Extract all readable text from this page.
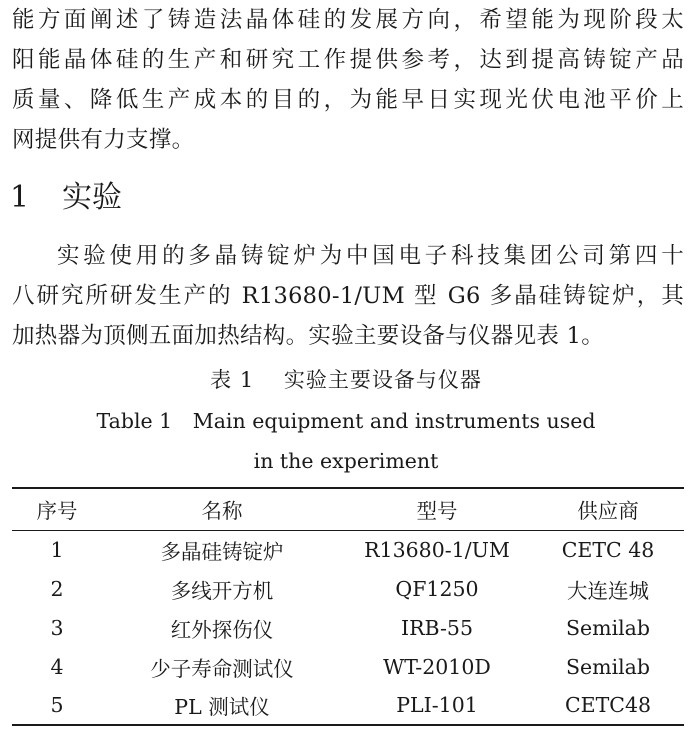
能方面阐述了铸造法晶体硅的发展方向，希望能为现阶段太
阳能晶体硅的生产和研究工作提供参考，达到提高铸锭产品
质量、降低生产成本的目的，为能早日实现光伏电池平价上
网提供有力支撑。
1 实验
实验使用的多晶铸锭炉为中国电子科技集团公司第四十
八研究所研发生产的 R13680-1/UM 型 G6 多晶硅铸锭炉，其
加热器为顶侧五面加热结构。实验主要设备与仪器见表 1。

表 1　 实验主要设备与仪器

Table 1　Main equipment and instruments used

in the experiment

序号	名称	型号	供应商
1	多晶硅铸锭炉	R13680-1/UM	CETC 48
2	多线开方机	QF1250	大连连城
3	红外探伤仪	IRB-55	Semilab
4	少子寿命测试仪	WT-2010D	Semilab
5	PL 测试仪	PLI-101	CETC48
